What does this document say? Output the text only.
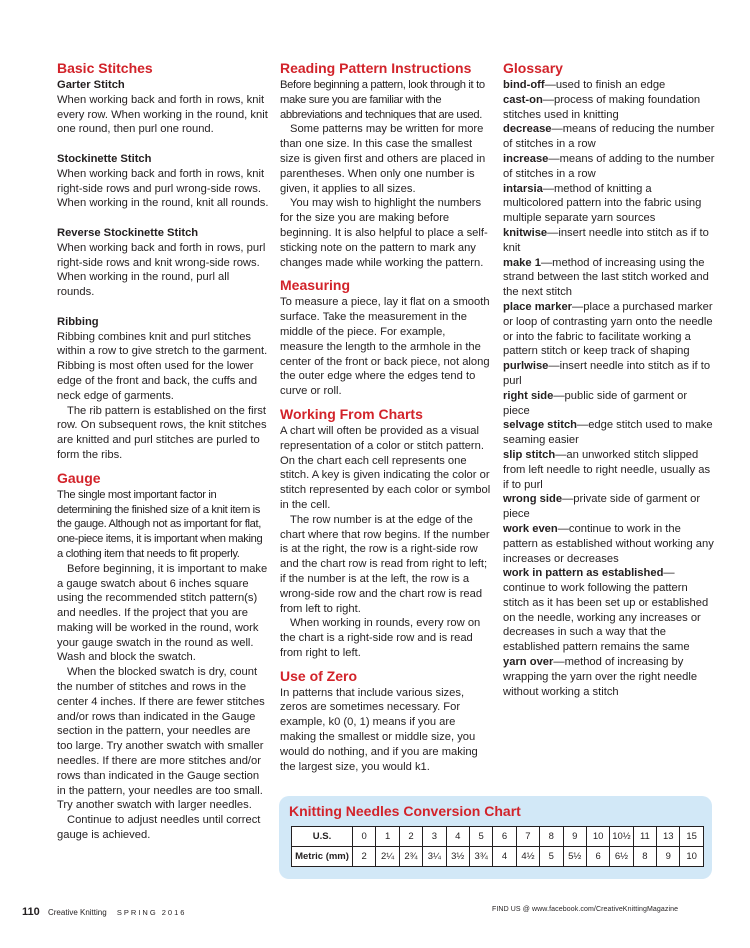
Basic Stitches
Garter Stitch

When working back and forth in rows, knit every row. When working in the round, knit one round, then purl one round.

Stockinette Stitch

When working back and forth in rows, knit right-side rows and purl wrong-side rows. When working in the round, knit all rounds.

Reverse Stockinette Stitch

When working back and forth in rows, purl right-side rows and knit wrong-side rows. When working in the round, purl all rounds.

Ribbing

Ribbing combines knit and purl stitches within a row to give stretch to the garment. Ribbing is most often used for the lower edge of the front and back, the cuffs and neck edge of garments.

The rib pattern is established on the first row. On subsequent rows, the knit stitches are knitted and purl stitches are purled to form the ribs.

Gauge

The single most important factor in determining the finished size of a knit item is the gauge. Although not as important for flat, one-piece items, it is important when making a clothing item that needs to fit properly.

Before beginning, it is important to make a gauge swatch about 6 inches square using the recommended stitch pattern(s) and needles. If the project that you are making will be worked in the round, work your gauge swatch in the round as well. Wash and block the swatch.

When the blocked swatch is dry, count the number of stitches and rows in the center 4 inches. If there are fewer stitches and/or rows than indicated in the Gauge section in the pattern, your needles are too large. Try another swatch with smaller needles. If there are more stitches and/or rows than indicated in the Gauge section in the pattern, your needles are too small. Try another swatch with larger needles.

Continue to adjust needles until correct gauge is achieved.

Reading Pattern Instructions

Before beginning a pattern, look through it to make sure you are familiar with the abbreviations and techniques that are used.

Some patterns may be written for more than one size. In this case the smallest size is given first and others are placed in parentheses. When only one number is given, it applies to all sizes.

You may wish to highlight the numbers for the size you are making before beginning. It is also helpful to place a self-sticking note on the pattern to mark any changes made while working the pattern.

Measuring

To measure a piece, lay it flat on a smooth surface. Take the measurement in the middle of the piece. For example, measure the length to the armhole in the center of the front or back piece, not along the outer edge where the edges tend to curve or roll.

Working From Charts

A chart will often be provided as a visual representation of a color or stitch pattern. On the chart each cell represents one stitch. A key is given indicating the color or stitch represented by each color or symbol in the cell.

The row number is at the edge of the chart where that row begins. If the number is at the right, the row is a right-side row and the chart row is read from right to left; if the number is at the left, the row is a wrong-side row and the chart row is read from left to right.

When working in rounds, every row on the chart is a right-side row and is read from right to left.

Use of Zero

In patterns that include various sizes, zeros are sometimes necessary. For example, k0 (0, 1) means if you are making the smallest or middle size, you would do nothing, and if you are making the largest size, you would k1.

Glossary

bind-off—used to finish an edge

cast-on—process of making foundation stitches used in knitting

decrease—means of reducing the number of stitches in a row

increase—means of adding to the number of stitches in a row

intarsia—method of knitting a multicolored pattern into the fabric using multiple separate yarn sources

knitwise—insert needle into stitch as if to knit

make 1—method of increasing using the strand between the last stitch worked and the next stitch

place marker—place a purchased marker or loop of contrasting yarn onto the needle or into the fabric to facilitate working a pattern stitch or keep track of shaping

purlwise—insert needle into stitch as if to purl

right side—public side of garment or piece

selvage stitch—edge stitch used to make seaming easier

slip stitch—an unworked stitch slipped from left needle to right needle, usually as if to purl

wrong side—private side of garment or piece

work even—continue to work in the pattern as established without working any increases or decreases

work in pattern as established—continue to work following the pattern stitch as it has been set up or established on the needle, working any increases or decreases in such a way that the established pattern remains the same

yarn over—method of increasing by wrapping the yarn over the right needle without working a stitch

Knitting Needles Conversion Chart
U.S.	0	1	2	3	4	5	6	7	8	9	10	10½	11	13	15
Metric (mm)	2	2¼	2¾	3¼	3½	3¾	4	4½	5	5½	6	6½	8	9	10
110 Creative Knitting SPRING 2016	FIND US @ www.facebook.com/CreativeKnittingMagazine
